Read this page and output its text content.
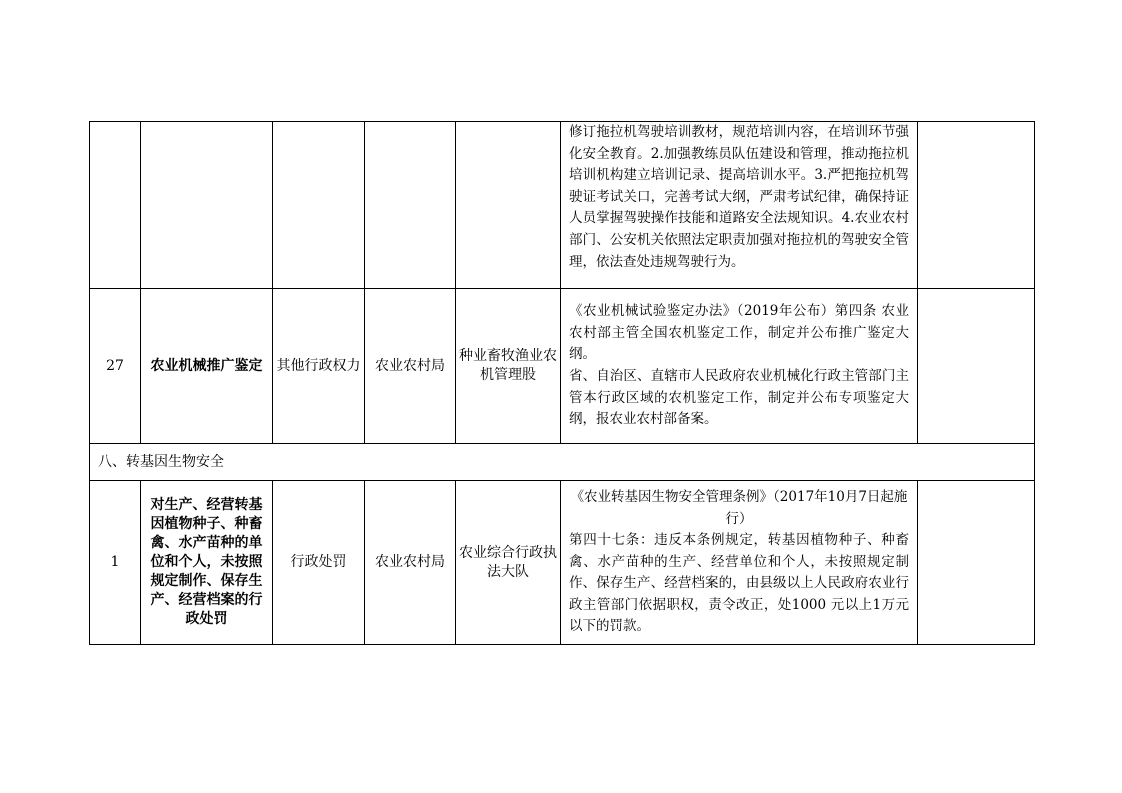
					修订拖拉机驾驶培训教材，规范培训内容，在培训环节强化安全教育。2.加强教练员队伍建设和管理，推动拖拉机培训机构建立培训记录、提高培训水平。3.严把拖拉机驾驶证考试关口，完善考试大纲，严肃考试纪律，确保持证人员掌握驾驶操作技能和道路安全法规知识。4.农业农村部门、公安机关依照法定职责加强对拖拉机的驾驶安全管理，依法查处违规驾驶行为。	

27	农业机械推广鉴定	其他行政权力	农业农村局	种业畜牧渔业农机管理股	《农业机械试验鉴定办法》（2019年公布）第四条 农业农村部主管全国农机鉴定工作，制定并公布推广鉴定大纲。
省、自治区、直辖市人民政府农业机械化行政主管部门主管本行政区域的农机鉴定工作，制定并公布专项鉴定大纲，报农业农村部备案。	

八、转基因生物安全						
1	对生产、经营转基因植物种子、种畜禽、水产苗种的单位和个人，未按照规定制作、保存生产、经营档案的行政处罚	行政处罚	农业农村局	农业综合行政执法大队	《农业转基因生物安全管理条例》（2017年10月7日起施行）
第四十七条：违反本条例规定，转基因植物种子、种畜禽、水产苗种的生产、经营单位和个人，未按照规定制作、保存生产、经营档案的，由县级以上人民政府农业行政主管部门依据职权，责令改正，处1000 元以上1万元以下的罚款。	
